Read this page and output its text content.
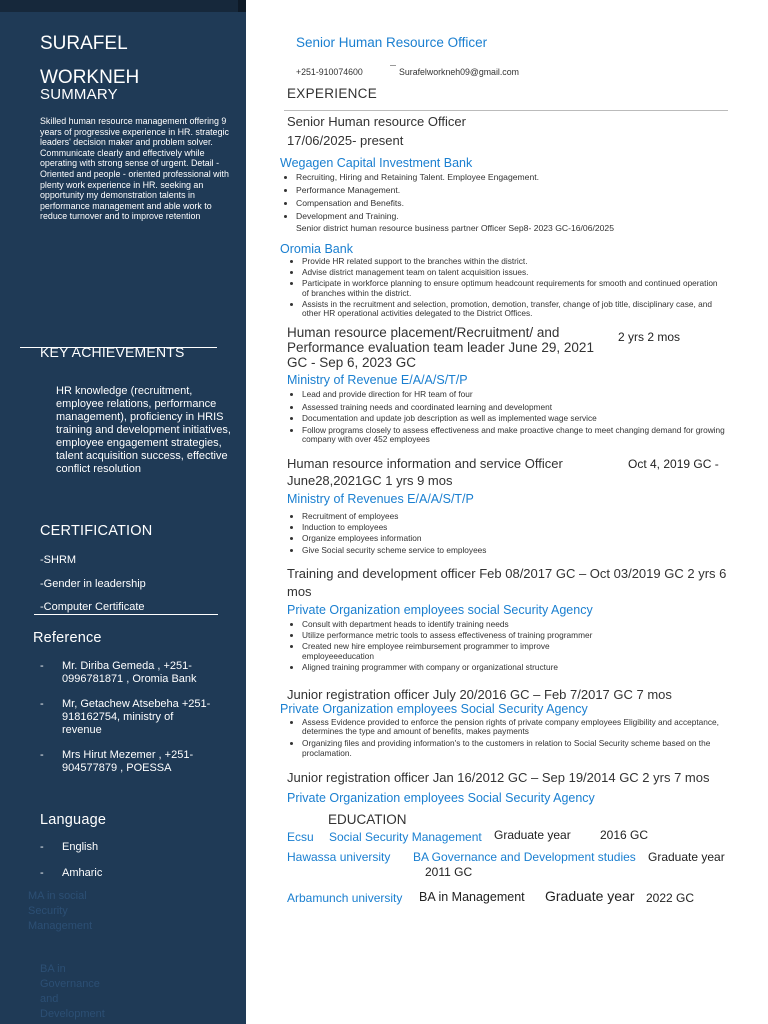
SURAFEL
WORKNEH
SUMMARY
Skilled human resource management offering 9 years of progressive experience in HR. strategic leaders' decision maker and problem solver. Communicate clearly and effectively while operating with strong sense of urgent. Detail -Oriented and people - oriented professional with plenty work experience in HR. seeking an opportunity my demonstration talents in performance management and able work to reduce turnover and to improve retention
KEY ACHIEVEMENTS
HR knowledge (recruitment, employee relations, performance management), proficiency in HRIS training and development initiatives, employee engagement strategies, talent acquisition success, effective conflict resolution
CERTIFICATION
-SHRM
-Gender in leadership
-Computer Certificate
Reference
- Mr. Diriba Gemeda , +251-0996781871 , Oromia Bank
- Mr, Getachew Atsebeha +251-918162754, ministry of revenue
- Mrs Hirut Mezemer , +251-904577879 , POESSA
Language
- English
- Amharic
MA in social Security Management
BA in Governance and Development
Senior Human Resource Officer
+251-910074600	Surafelworkneh09@gmail.com
EXPERIENCE
Senior Human resource Officer
17/06/2025- present
Wegagen Capital Investment Bank
• Recruiting, Hiring and Retaining Talent. Employee Engagement.
• Performance Management.
• Compensation and Benefits.
• Development and Training.
Senior district human resource business partner Officer Sep8- 2023 GC-16/06/2025
Oromia Bank
• Provide HR related support to the branches within the district.
• Advise district management team on talent acquisition issues.
• Participate in workforce planning to ensure optimum headcount requirements for smooth and continued operation of branches within the district.
• Assists in the recruitment and selection, promotion, demotion, transfer, change of job title, disciplinary case, and other HR operational activities delegated to the District Offices.
Human resource placement/Recruitment/ and Performance evaluation team leader June 29, 2021 GC - Sep 6, 2023 GC
2 yrs 2 mos
Ministry of Revenue E/A/A/S/T/P
• Lead and provide direction for HR team of four
• Assessed training needs and coordinated learning and development
• Documentation and update job description as well as implemented wage service
• Follow programs closely to assess effectiveness and make proactive change to meet changing demand for growing company with over 452 employees
Human resource information and service Officer	Oct 4, 2019 GC -
June28,2021GC 1 yrs 9 mos
Ministry of Revenues E/A/A/S/T/P
• Recruitment of employees
• Induction to employees
• Organize employees information
• Give Social security scheme service to employees
Training and development officer Feb 08/2017 GC – Oct 03/2019 GC 2 yrs 6
mos
Private Organization employees social Security Agency
• Consult with department heads to identify training needs
• Utilize performance metric tools to assess effectiveness of training programmer
• Created new hire employee reimbursement programmer to improve employeeeducation
• Aligned training programmer with company or organizational structure
Junior registration officer July 20/2016 GC – Feb 7/2017 GC 7 mos
Private Organization employees Social Security Agency
• Assess Evidence provided to enforce the pension rights of private company employees Eligibility and acceptance, determines the type and amount of benefits, makes payments
• Organizing files and providing information's to the customers in relation to Social Security scheme based on the proclamation.
Junior registration officer Jan 16/2012 GC – Sep 19/2014 GC 2 yrs 7 mos
Private Organization employees Social Security Agency
EDUCATION
Ecsu Social Security Management Graduate year 2016 GC
Hawassa university BA Governance and Development studies Graduate year
2011 GC
Arbamunch university BA in Management Graduate year 2022 GC
